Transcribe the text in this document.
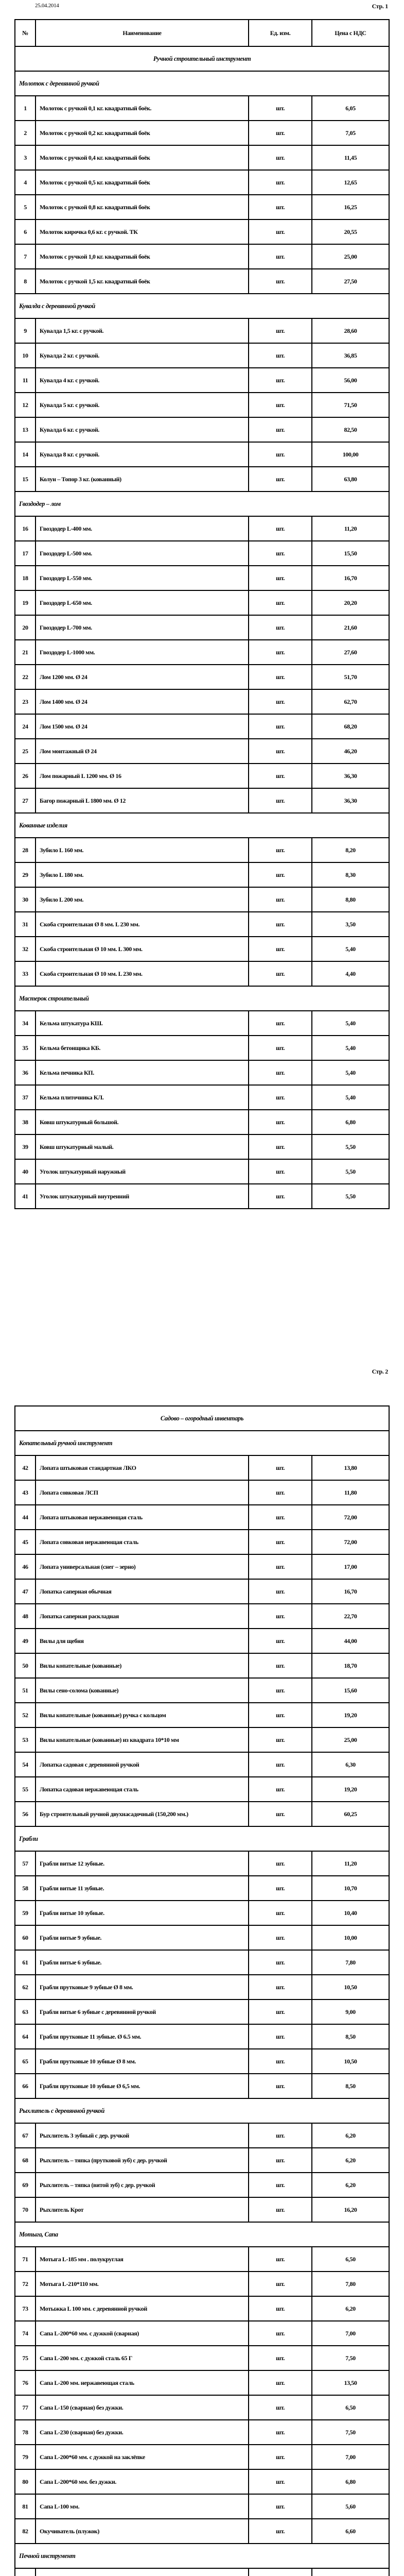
25.04.2014	Стр. 1
№	Наименование	Ед. изм.	Цена с НДС
Ручной строительный инструмент			
Молоток с деревянной ручкой			
1	Молоток с ручкой 0,1 кг. квадратный боёк.	шт.	6,05
2	Молоток с ручкой 0,2 кг. квадратный боёк	шт.	7,05
3	Молоток с ручкой 0,4 кг. квадратный боёк	шт.	11,45
4	Молоток с ручкой 0,5 кг. квадратный боёк	шт.	12,65
5	Молоток с ручкой 0,8 кг. квадратный боёк	шт.	16,25
6	Молоток кирочка 0,6 кг. с ручкой. ТК	шт.	20,55
7	Молоток с ручкой 1,0 кг. квадратный боёк	шт.	25,00
8	Молоток с ручкой 1,5 кг. квадратный боёк	шт.	27,50
Кувалда с деревянной ручкой			
9	Кувалда 1,5 кг. с ручкой.	шт.	28,60
10	Кувалда 2 кг. с ручкой.	шт.	36,85
11	Кувалда 4 кг. с ручкой.	шт.	56,00
12	Кувалда 5 кг. с ручкой.	шт.	71,50
13	Кувалда 6 кг. с ручкой.	шт.	82,50
14	Кувалда 8 кг. с ручкой.	шт.	100,00
15	Колун – Топор 3 кг. (кованный)	шт.	63,80
Гвоздодер – лом			
16	Гвоздодер L-400 мм.	шт.	11,20
17	Гвоздодер L-500 мм.	шт.	15,50
18	Гвоздодер L-550 мм.	шт.	16,70
19	Гвоздодер L-650 мм.	шт.	20,20
20	Гвоздодер L-700 мм.	шт.	21,60
21	Гвоздодер L-1000 мм.	шт.	27,60
22	Лом 1200 мм. Ø 24	шт.	51,70
23	Лом 1400 мм. Ø 24	шт.	62,70
24	Лом 1500 мм. Ø 24	шт.	68,20
25	Лом монтажный Ø 24	шт.	46,20
26	Лом пожарный L 1200 мм. Ø 16	шт.	36,30
27	Багор пожарный L 1800 мм. Ø 12	шт.	36,30
Кованные изделия			
28	Зубило L 160 мм.	шт.	8,20
29	Зубило L 180 мм.	шт.	8,30
30	Зубило L 200 мм.	шт.	8,80
31	Скоба строительная Ø 8 мм. L 230 мм.	шт.	3,50
32	Скоба строительная Ø 10 мм. L 300 мм.	шт.	5,40
33	Скоба строительная Ø 10 мм. L 230 мм.	шт.	4,40
Мастерок строительный			
34	Кельма штукатура КШ.	шт.	5,40
35	Кельма бетонщика КБ.	шт.	5,40
36	Кельма печника КП.	шт.	5,40
37	Кельма плиточника КЛ.	шт.	5,40
38	Ковш штукатурный большой.	шт.	6,80
39	Ковш штукатурный малый.	шт.	5,50
40	Уголок штукатурный наружный	шт.	5,50
41	Уголок штукатурный внутренний	шт.	5,50
Стр. 2
Садово – огородный инвентарь			
Копательный ручной инструмент			
42	Лопата штыковая стандартная ЛКО	шт.	13,80
43	Лопата совковая ЛСП	шт.	11,80
44	Лопата штыковая нержавеющая сталь	шт.	72,00
45	Лопата совковая нержавеющая сталь	шт.	72,00
46	Лопата универсальная (снег – зерно)	шт.	17,00
47	Лопатка саперная обычная	шт.	16,70
48	Лопатка саперная раскладная	шт.	22,70
49	Вилы для щебня	шт.	44,00
50	Вилы копательные (кованные)	шт.	18,70
51	Вилы сено-солома (кованные)	шт.	15,60
52	Вилы копательные (кованные) ручка с кольцом	шт.	19,20
53	Вилы копательные (кованные) из квадрата 10*10 мм	шт.	25,00
54	Лопатка садовая с деревянной ручкой	шт.	6,30
55	Лопатка садовая нержавеющая сталь	шт.	19,20
56	Бур строительный ручной двухнасадочный (150,200 мм.)	шт.	60,25
Грабли			
57	Грабли витые 12 зубные.	шт.	11,20
58	Грабли витые 11 зубные.	шт.	10,70
59	Грабли витые 10 зубные.	шт.	10,40
60	Грабли витые 9 зубные.	шт.	10,00
61	Грабли витые 6 зубные.	шт.	7,80
62	Грабли прутковые 9 зубные Ø 8 мм.	шт.	10,50
63	Грабли витые 6 зубные с деревянной ручкой	шт.	9,00
64	Грабли прутковые 11 зубные. Ø 6.5 мм.	шт.	8,50
65	Грабли прутковые 10 зубные Ø 8 мм.	шт.	10,50
66	Грабли прутковые 10 зубные Ø 6,5 мм.	шт.	8,50
Рыхлитель с деревянной ручкой			
67	Рыхлитель 3 зубный с дер. ручкой	шт.	6,20
68	Рыхлитель – тяпка (прутковой зуб) с дер. ручкой	шт.	6,20
69	Рыхлитель – тяпка (витой зуб) с дер. ручкой	шт.	6,20
70	Рыхлитель Крот	шт.	16,20
Мотыга, Сапа			
71	Мотыга L-185 мм . полукруглая	шт.	6,50
72	Мотыга L-210*110 мм.	шт.	7,80
73	Мотыжка L 100 мм. с деревянной ручкой	шт.	6,20
74	Сапа L-200*60 мм. с дужкой (сварная)	шт.	7,00
75	Сапа L-200 мм. с дужкой сталь 65 Г	шт.	7,50
76	Сапа L-200 мм. нержавеющая сталь	шт.	13,50
77	Сапа L-150 (сварная) без дужки.	шт.	6,50
78	Сапа L-230 (сварная) без дужки.	шт.	7,50
79	Сапа L-200*60 мм. с дужкой на заклёпке	шт.	7,00
80	Сапа L-200*60 мм. без дужки.	шт.	6,80
81	Сапа L-100 мм.	шт.	5,60
82	Окучиватель (плужок)	шт.	6,60
Печной инструмент			
